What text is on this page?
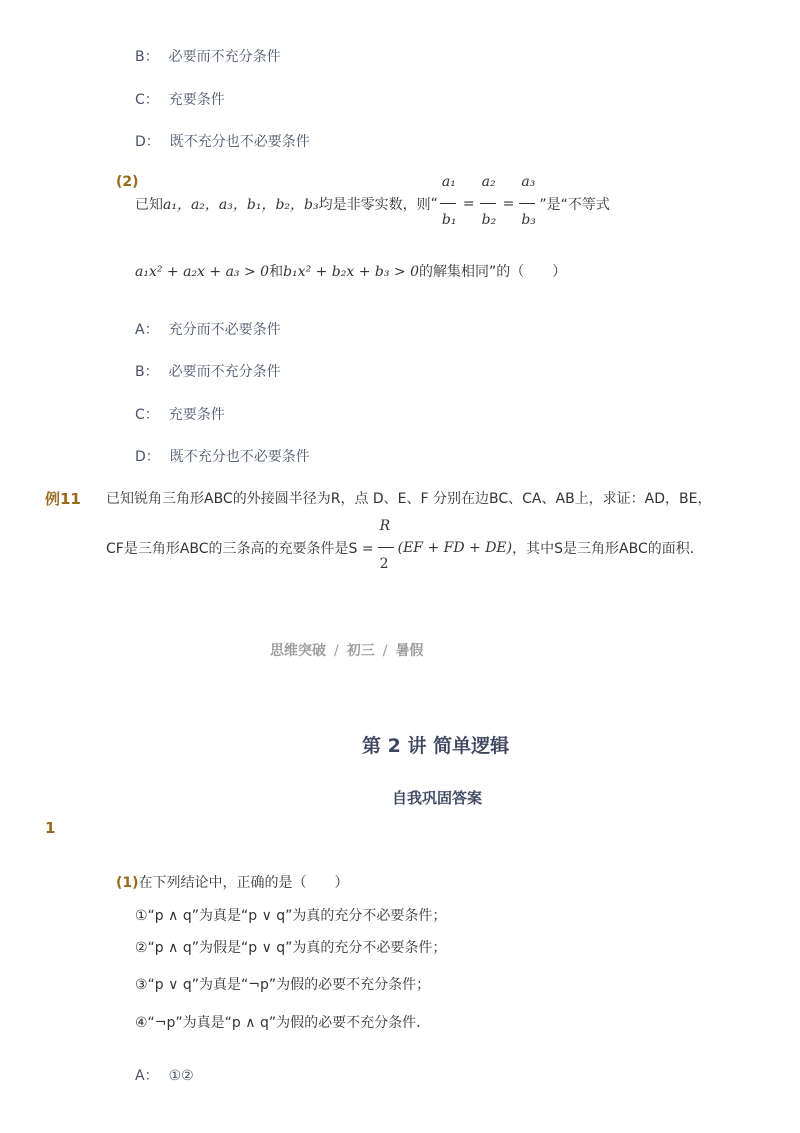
B： 必要而不充分条件
C： 充要条件
D： 既不充分也不必要条件
(2)
已知 a₁，a₂，a₃，b₁，b₂，b₃ 均是非零实数，则 “ $\frac{\text{a₁}}{\text{b₁}} = \frac{\text{a₂}}{\text{b₂}} = \frac{\text{a₃}}{\text{b₃}}$ ”是“不等式
a₁x² + a₂x + a₃ > 0和b₁x² + b₂x + b₃ > 0的解集相同”的（　　）
A： 充分而不必要条件
B： 必要而不充分条件
C： 充要条件
D： 既不充分也不必要条件
例11 已知锐角三角形ABC的外接圆半径为R，点 D、E、F 分别在边BC、CA、AB上，求证：AD，BE，
CF是三角形ABC的三条高的充要条件是$S = \frac{R}{2} (EF$ + FD + DE) ，其中S是三角形ABC的面积．
思维突破 / 初三 / 暑假
第 2 讲 简单逻辑
自我巩固答案
1
(1)在下列结论中，正确的是（　　）
①“p ∧ q”为真是“p ∨ q”为真的充分不必要条件；
②“p ∧ q”为假是“p ∨ q”为真的充分不必要条件；
③“p ∨ q”为真是“¬p”为假的必要不充分条件；
④“¬p”为真是“p ∧ q”为假的必要不充分条件．
A： ①②
